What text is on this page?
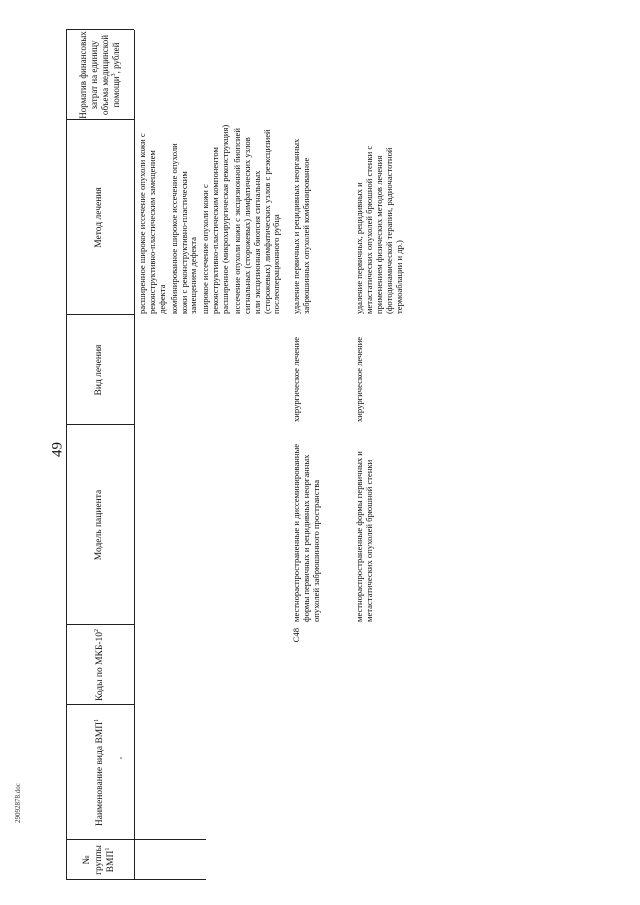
49
№ группы ВМП$^1$
Наименование вида ВМП$^1$
Коды по МКБ-$10^2$
Модель пациента
Вид лечения
Метод лечения
Норматив финансовых затрат на единицу объема медицинской помощи$^3$, рублей
расширенное широкое иссечение опухоли кожи с реконструктивно-пластическим замещением дефекта комбинированное широкое иссечение опухоли кожи с реконструктивно-пластическим замещением дефекта широкое иссечение опухоли кожи с реконструктивно-пластическим компонентом расширенное (микрохирургическая реконструкция) иссечение опухоли кожи с эксцизионной биопсией сигнальных (сторожевых) лимфатических узлов или эксцизионная биопсия сигнальных (сторожевых) лимфатических узлов с реэксцизией послеоперационного рубца
C48
местнораспространенные и диссеминированные формы первичных и рецидивных неорганных опухолей забрюшинного пространства
хирургическое лечение
удаление первичных и рецидивных неорганных забрюшинных опухолей комбинированное
местнораспространенные формы первичных и метастатических опухолей брюшной стенки
хирургическое лечение
удаление первичных, рецидивных и метастатических опухолей брюшной стенки с применением физических методов лечения (фотодинамической терапии, радиочастотной термоаблации и др.)
29092878.doc
